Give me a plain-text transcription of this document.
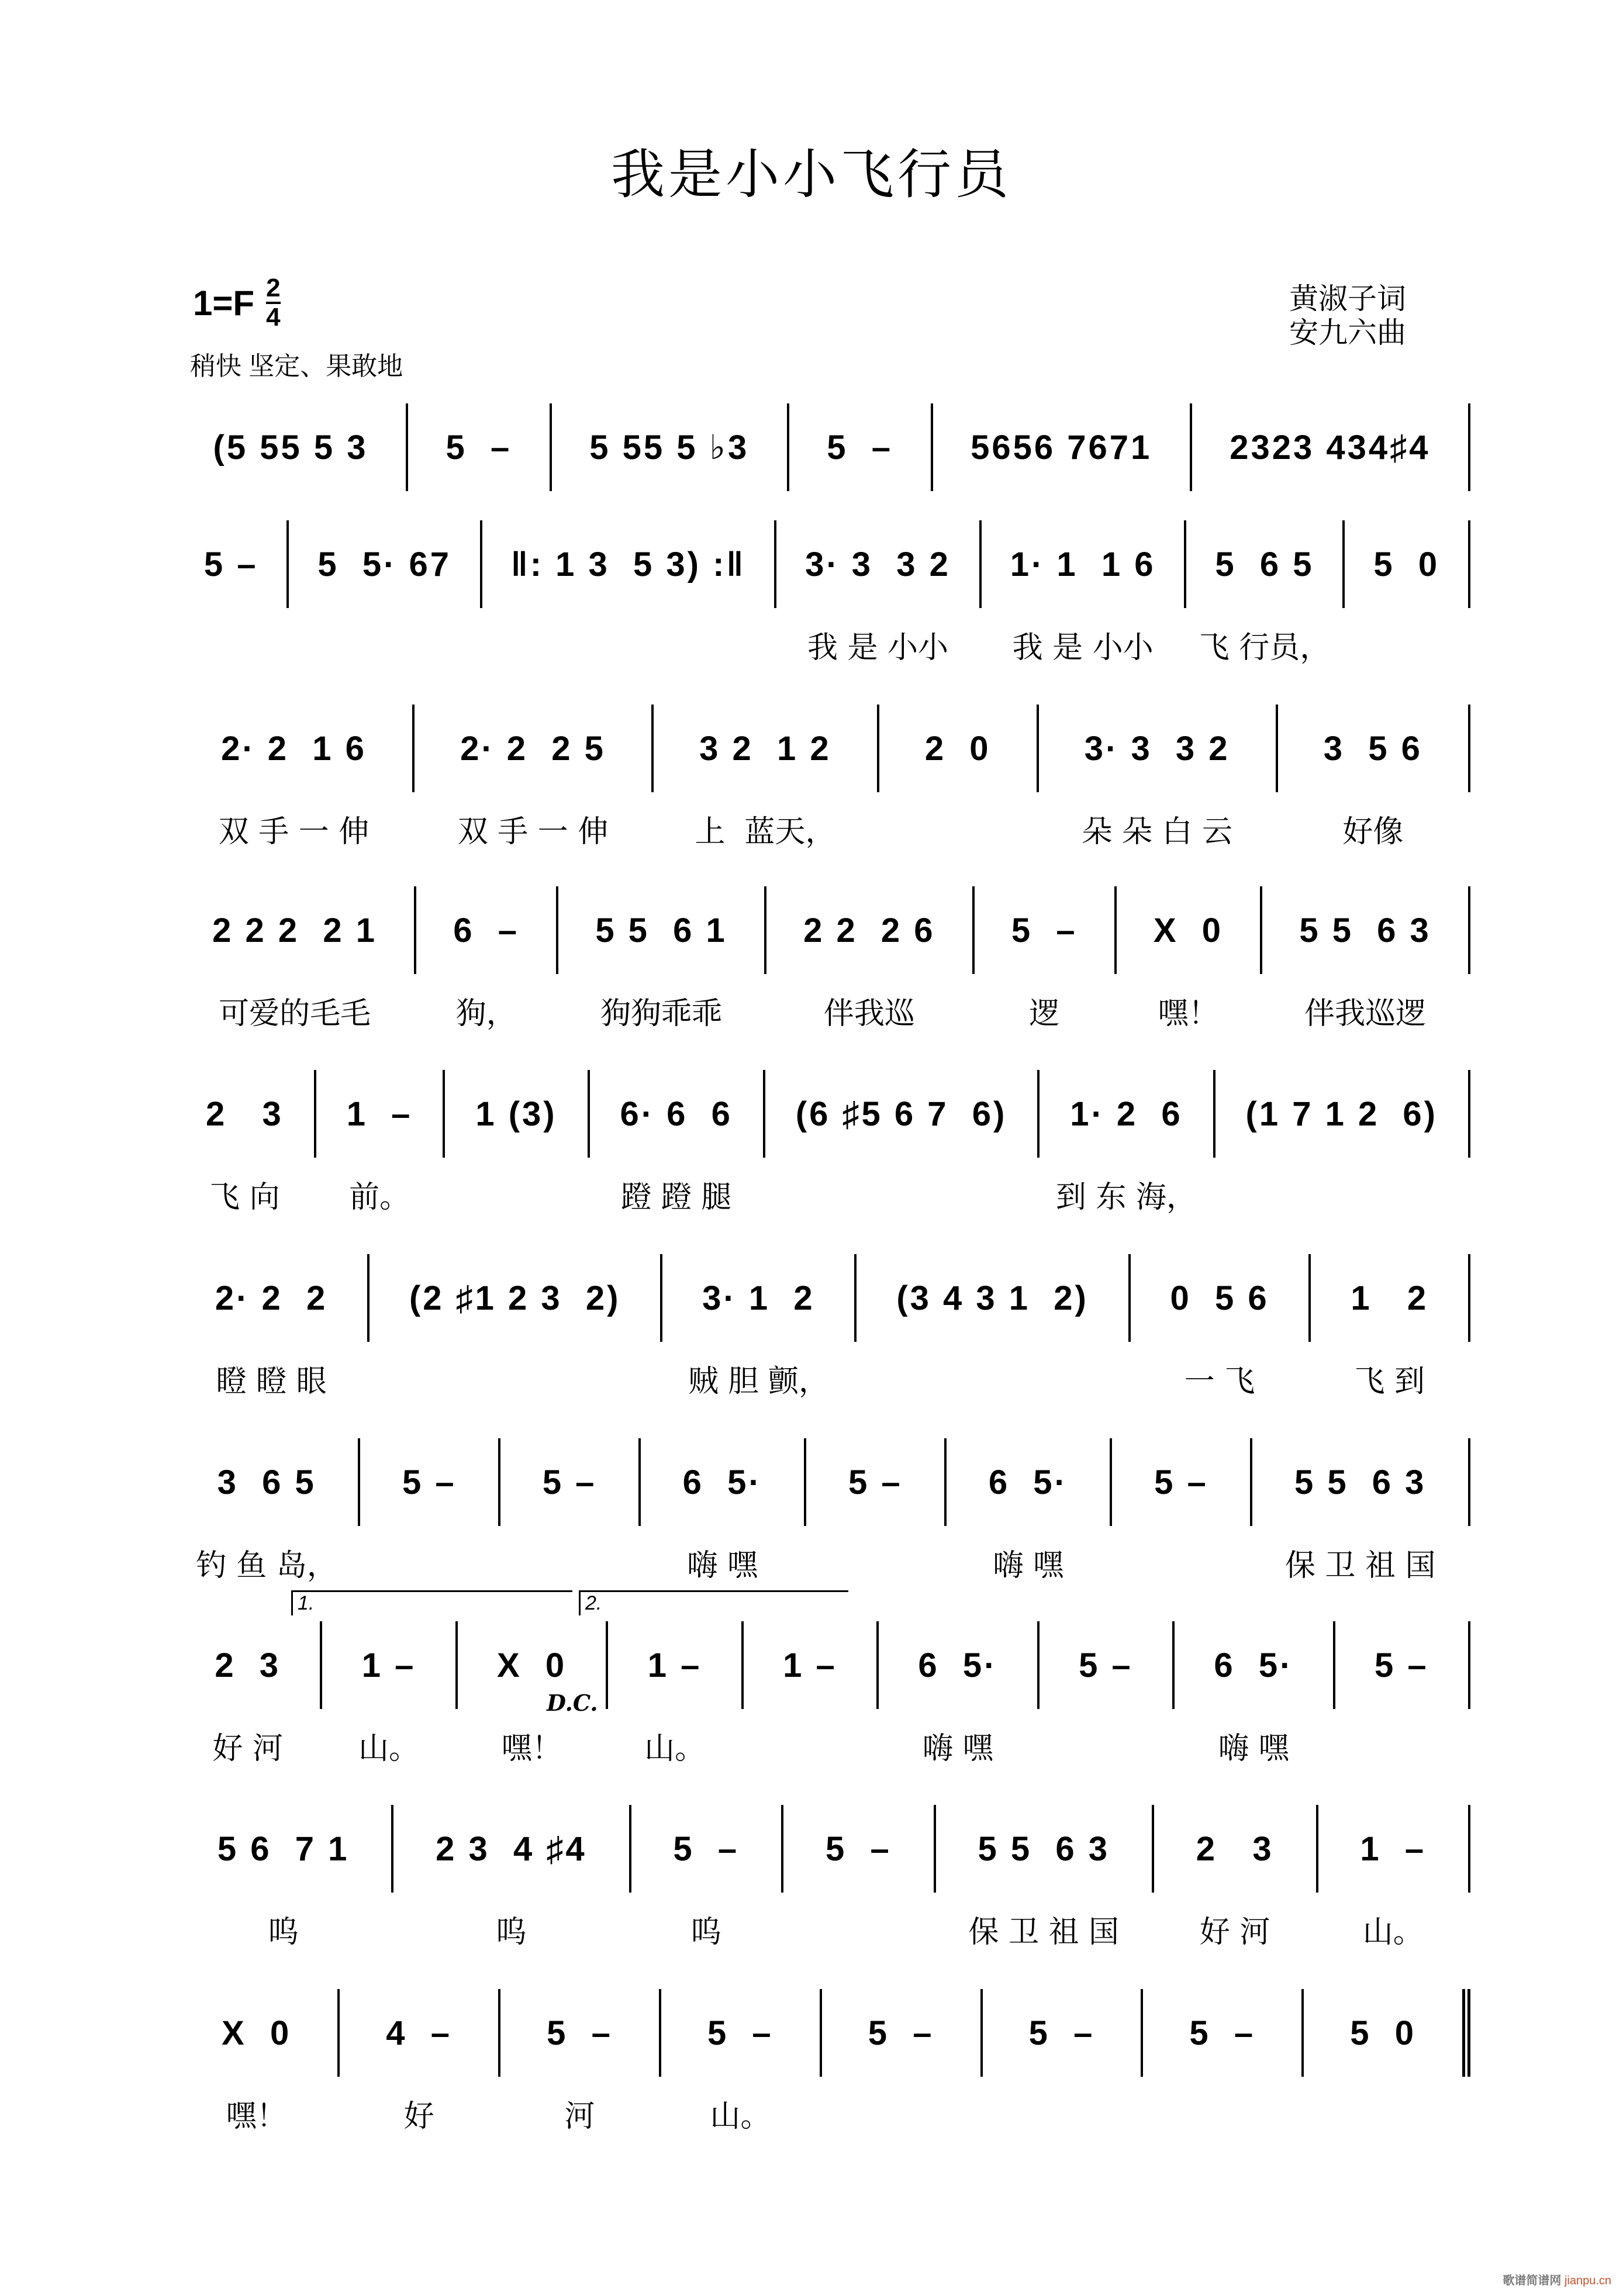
我是小小飞行员
$1=F \frac{2}{4}$
稍快 坚定、果敢地
黄淑子词
安九六曲
(5 55 5 3	5  –	5 55 5 ♭3	5  –	5656 7671	2323 434♯4
5 –	5  5· 67	‖: 1 3  5 3) :‖	3· 3  3 2
我 是 小小
1· 1  1 6
我 是 小小
5  6 5
飞 行员，
5  0
2· 2  1 6
双 手 一 伸
2· 2  2 5
双 手 一 伸
3 2  1 2
上  蓝天，
2  0	3· 3  3 2
朵 朵 白 云
3  5 6
好像
2 2 2  2 1
可爱的毛毛
6  –
狗，
5 5  6 1
狗狗乖乖
2 2  2 6
伴我巡
5  –
逻
X  0
嘿！
5 5  6 3
伴我巡逻
2   3
飞 向
1  –
前。
1 (3)	6· 6  6
蹬 蹬 腿
(6 ♯5 6 7  6)	1· 2  6
到 东 海，
(1 7 1 2  6)
2· 2  2
瞪 瞪 眼
(2 ♯1 2 3  2)	3· 1  2
贼 胆 颤，
(3 4 3 1  2)	0  5 6
一 飞
1   2
飞 到
3  6 5
钓 鱼 岛，
5 –	5 –	6  5·
嗨 嘿
5 –	6  5·
嗨 嘿
5 –	5 5  6 3
保 卫 祖 国
2  3
好 河
1 –
山。
X  0
嘿！
1 –
山。
1 –	6  5·
嗨 嘿
5 –	6  5·
嗨 嘿
5 –
5 6  7 1
呜
2 3  4 ♯4
呜
5  –
呜
5  –	5 5  6 3
保 卫 祖 国
2   3
好 河
1  –
山。
X  0
嘿！
4  –
好
5  –
河
5  –
山。
5  –	5  –	5  –	5  0
1.	2.
D.C.
歌谱简谱网 jianpu.cn
